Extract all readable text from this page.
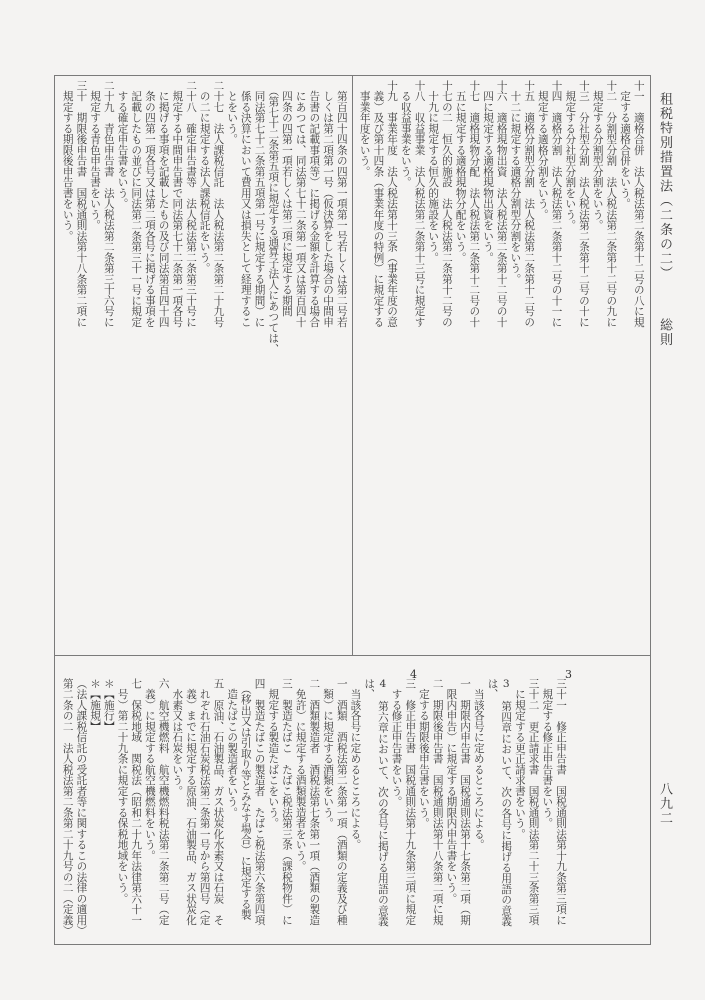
租税特別措置法（二条の二）
総則
八九二
3
4

十一　適格合併　法人税法第二条第十二号の八に規
　定する適格合併をいう。
十二　分割型分割　法人税法第二条第十二号の九に
　規定する分割型分割をいう。
十三　分社型分割　法人税法第二条第十二号の十に
　規定する分社型分割をいう。
十四　適格分割　法人税法第二条第十二号の十一に
　規定する適格分割をいう。
十五　適格分割型分割　法人税法第二条第十二号の
　十二に規定する適格分割型分割をいう。
十六　適格現物出資　法人税法第二条第十二号の十
　四に規定する適格現物出資をいう。
十七　適格現物分配　法人税法第二条第十二号の十
　五に規定する適格現物分配をいう。
十七の二　恒久的施設　法人税法第二条第十二号の
　十九に規定する恒久的施設をいう。
十八　収益事業　法人税法第二条第十三号に規定す
　る収益事業をいう。
十九　事業年度　法人税法第十三条（事業年度の意
　義）及び第十四条（事業年度の特例）に規定する
　事業年度をいう。

　第百四十四条の四第一項第一号若しくは第二号若
　しくは第二項第一号（仮決算をした場合の中間申
　告書の記載事項等）に掲げる金額を計算する場合
　にあつては、同法第七十二条第一項又は第百四十
　四条の四第一項若しくは第二項に規定する期間
　（第七十二条第五項に規定する通算子法人にあつては、
　同法第七十二条第五項第一号に規定する期間）に
　係る決算において費用又は損失として経理するこ
　とをいう。
二十七　法人課税信託　法人税法第二条第二十九号
　の二に規定する法人課税信託をいう。
二十八　確定申告書等　法人税法第二条第三十号に
　規定する中間申告書で同法第七十二条第一項各号
　に掲げる事項を記載したもの及び同法第百四十四
　条の四第一項各号又は第二項各号に掲げる事項を
　記載したもの並びに同法第二条第三十一号に規定
　する確定申告書をいう。
二十九　青色申告書　法人税法第二条第三十六号に
　規定する青色申告書をいう。
三十　期限後申告書　国税通則法第十八条第二項に
　規定する期限後申告書をいう。
三十一　修正申告書　国税通則法第十九条第三項に
　規定する修正申告書をいう。
三十二　更正請求書　国税通則法第二十三条第三項
　に規定する更正請求書をいう。
3　第四章において、次の各号に掲げる用語の意義は、
　当該各号に定めるところによる。
一　期限内申告書　国税通則法第十七条第二項（期
　限内申告）に規定する期限内申告書をいう。
二　期限後申告書　国税通則法第十八条第二項に規
　定する期限後申告書をいう。
三　修正申告書　国税通則法第十九条第三項に規定
　する修正申告書をいう。
4　第六章において、次の各号に掲げる用語の意義は、
　当該各号に定めるところによる。
一　酒類　酒税法第二条第一項（酒類の定義及び種
　類）に規定する酒類をいう。
二　酒類製造者　酒税法第七条第一項（酒類の製造
　免許）に規定する酒類製造者をいう。
三　製造たばこ　たばこ税法第三条（課税物件）に
　規定する製造たばこをいう。
四　製造たばこの製造者　たばこ税法第六条第四項
　（移出又は引取り等とみなす場合）に規定する製
　造たばこの製造者をいう。
五　原油、石油製品、ガス状炭化水素又は石炭　そ
　れぞれ石油石炭税法第二条第一号から第四号（定
　義）までに規定する原油、石油製品、ガス状炭化
　水素又は石炭をいう。
六　航空機燃料　航空機燃料税法第二条第二号（定
　義）に規定する航空機燃料をいう。
七　保税地域　関税法（昭和二十九年法律第六十一
　号）第二十九条に規定する保税地域をいう。
＊【施行】
＊【施規】
（法人課税信託の受託者等に関するこの法律の適用）
第二条の二　法人税法第二条第二十九号の二（定義）
